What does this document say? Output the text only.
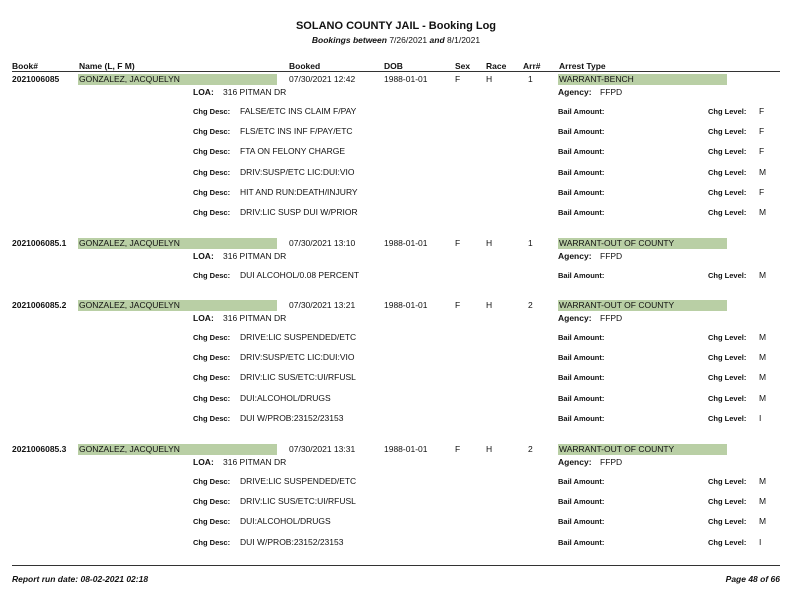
SOLANO COUNTY JAIL - Booking Log
Bookings between 7/26/2021 and 8/1/2021
Book#	Name (L, F M)	Booked	DOB	Sex Race Arr# Arrest Type
2021006085 GONZALEZ, JACQUELYN	07/30/2021 12:42	1988-01-01	F	H	1	WARRANT-BENCH
LOA: 316 PITMAN DR	Agency: FFPD
Chg Desc: FALSE/ETC INS CLAIM F/PAY	Bail Amount:	Chg Level: F
Chg Desc: FLS/ETC INS INF F/PAY/ETC	Bail Amount:	Chg Level: F
Chg Desc: FTA ON FELONY CHARGE	Bail Amount:	Chg Level: F
Chg Desc: DRIV:SUSP/ETC LIC:DUI:VIO	Bail Amount:	Chg Level: M
Chg Desc: HIT AND RUN:DEATH/INJURY	Bail Amount:	Chg Level: F
Chg Desc: DRIV:LIC SUSP DUI W/PRIOR	Bail Amount:	Chg Level: M
2021006085.1 GONZALEZ, JACQUELYN	07/30/2021 13:10	1988-01-01	F	H	1	WARRANT-OUT OF COUNTY
LOA: 316 PITMAN DR	Agency: FFPD
Chg Desc: DUI ALCOHOL/0.08 PERCENT	Bail Amount:	Chg Level: M
2021006085.2 GONZALEZ, JACQUELYN	07/30/2021 13:21	1988-01-01	F	H	2	WARRANT-OUT OF COUNTY
LOA: 316 PITMAN DR	Agency: FFPD
Chg Desc: DRIVE:LIC SUSPENDED/ETC	Bail Amount:	Chg Level: M
Chg Desc: DRIV:SUSP/ETC LIC:DUI:VIO	Bail Amount:	Chg Level: M
Chg Desc: DRIV:LIC SUS/ETC:UI/RFUSL	Bail Amount:	Chg Level: M
Chg Desc: DUI:ALCOHOL/DRUGS	Bail Amount:	Chg Level: M
Chg Desc: DUI W/PROB:23152/23153	Bail Amount:	Chg Level: I
2021006085.3 GONZALEZ, JACQUELYN	07/30/2021 13:31	1988-01-01	F	H	2	WARRANT-OUT OF COUNTY
LOA: 316 PITMAN DR	Agency: FFPD
Chg Desc: DRIVE:LIC SUSPENDED/ETC	Bail Amount:	Chg Level: M
Chg Desc: DRIV:LIC SUS/ETC:UI/RFUSL	Bail Amount:	Chg Level: M
Chg Desc: DUI:ALCOHOL/DRUGS	Bail Amount:	Chg Level: M
Chg Desc: DUI W/PROB:23152/23153	Bail Amount:	Chg Level: I
Report run date: 08-02-2021 02:18	Page 48 of 66
